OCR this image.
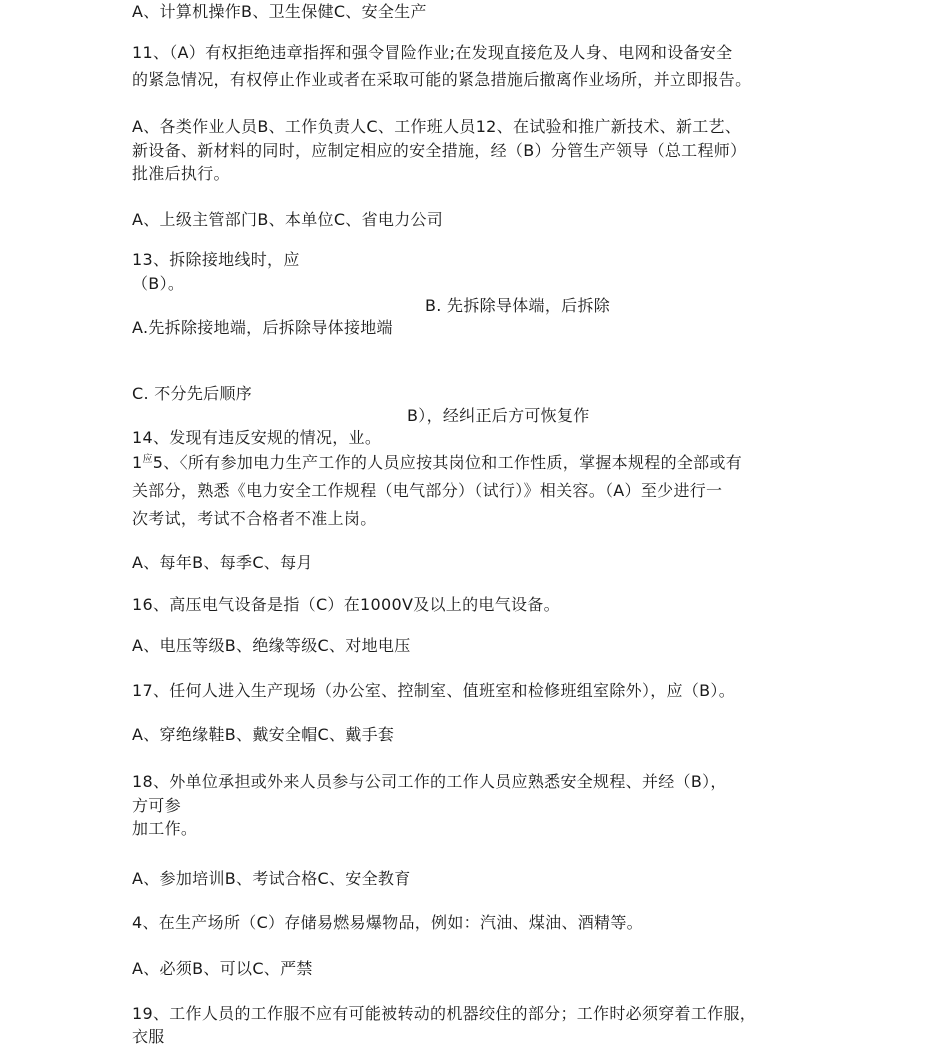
A、计算机操作B、卫生保健C、安全生产
11、（A）有权拒绝违章指挥和强令冒险作业;在发现直接危及人身、电网和设备安全
的紧急情况，有权停止作业或者在采取可能的紧急措施后撤离作业场所，并立即报告。
A、各类作业人员B、工作负责人C、工作班人员12、在试验和推广新技术、新工艺、
新设备、新材料的同时，应制定相应的安全措施，经（B）分管生产领导（总工程师）
批准后执行。
A、上级主管部门B、本单位C、省电力公司
13、拆除接地线时，应
（B）。
B. 先拆除导体端，后拆除
A.先拆除接地端，后拆除导体接地端
C. 不分先后顺序
B），经纠正后方可恢复作
14、发现有违反安规的情况，业。
$1^应5$、〈所有参加电力生产工作的人员应按其岗位和工作性质，掌握本规程的全部或有
关部分，熟悉《电力安全工作规程（电气部分）（试行）》相关容。（A）至少进行一
次考试，考试不合格者不准上岗。
A、每年B、每季C、每月
16、高压电气设备是指（C）在1000V及以上的电气设备。
A、电压等级B、绝缘等级C、对地电压
17、任何人进入生产现场（办公室、控制室、值班室和检修班组室除外），应（B）。
A、穿绝缘鞋B、戴安全帽C、戴手套
18、外单位承担或外来人员参与公司工作的工作人员应熟悉安全规程、并经（B），
方可参
加工作。
A、参加培训B、考试合格C、安全教育
4、在生产场所（C）存储易燃易爆物品，例如：汽油、煤油、酒精等。
A、必须B、可以C、严禁
19、工作人员的工作服不应有可能被转动的机器绞住的部分；工作时必须穿着工作服，
衣服
